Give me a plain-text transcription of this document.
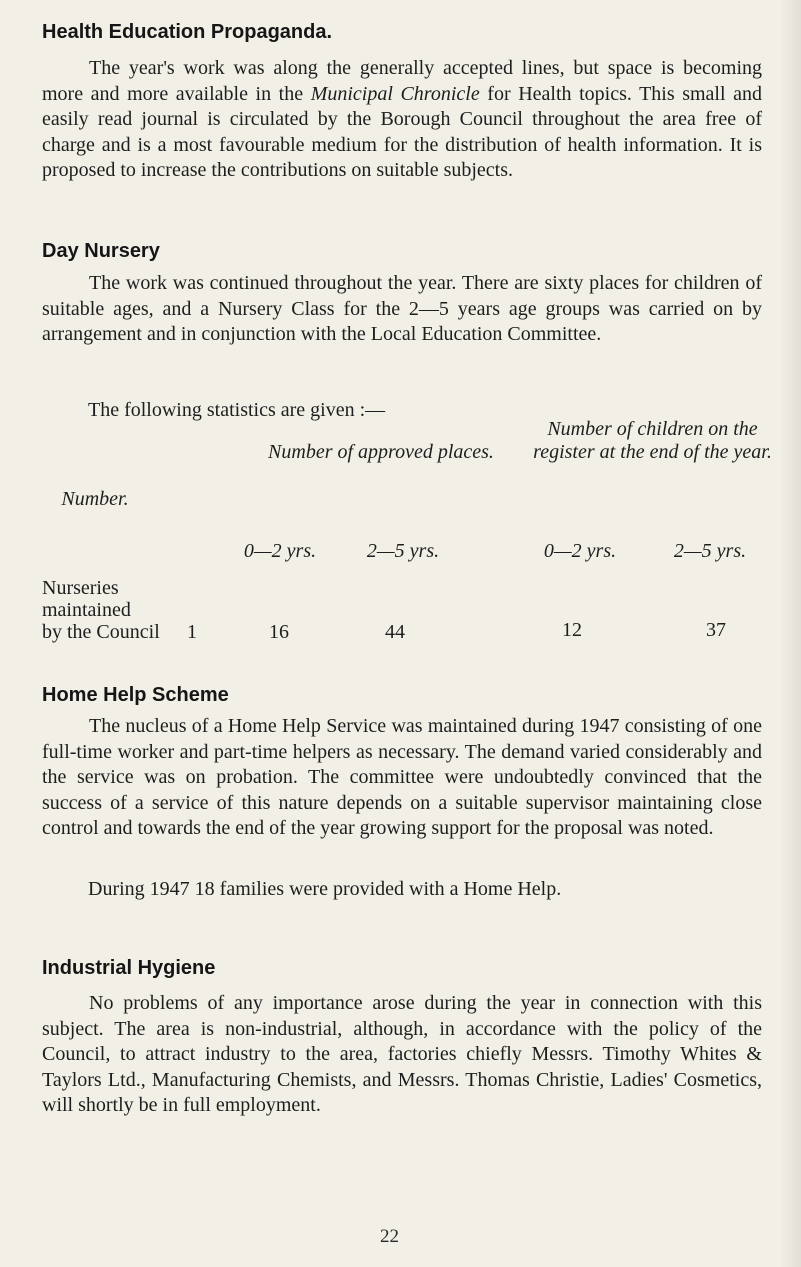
Health Education Propaganda.

The year's work was along the generally accepted lines, but space is becoming more and more available in the Municipal Chronicle for Health topics. This small and easily read journal is circulated by the Borough Council throughout the area free of charge and is a most favourable medium for the distribution of health information. It is proposed to increase the contributions on suitable subjects.

Day Nursery

The work was continued throughout the year. There are sixty places for children of suitable ages, and a Nursery Class for the 2—5 years age groups was carried on by arrangement and in conjunction with the Local Education Committee.

The following statistics are given :—

Number.

Number of approved places.

Number of children on the register at the end of the year.

0—2 yrs.	2—5 yrs.	0—2 yrs.	2—5 yrs.

Nurseries
maintained
by the Council	1	16	44	12	37

Home Help Scheme

The nucleus of a Home Help Service was maintained during 1947 consisting of one full-time worker and part-time helpers as necessary. The demand varied considerably and the service was on probation. The committee were undoubtedly convinced that the success of a service of this nature depends on a suitable supervisor maintaining close control and towards the end of the year growing support for the proposal was noted.

During 1947 18 families were provided with a Home Help.

Industrial Hygiene

No problems of any importance arose during the year in connection with this subject. The area is non-industrial, although, in accordance with the policy of the Council, to attract industry to the area, factories chiefly Messrs. Timothy Whites & Taylors Ltd., Manufacturing Chemists, and Messrs. Thomas Christie, Ladies' Cosmetics, will shortly be in full employment.

22
